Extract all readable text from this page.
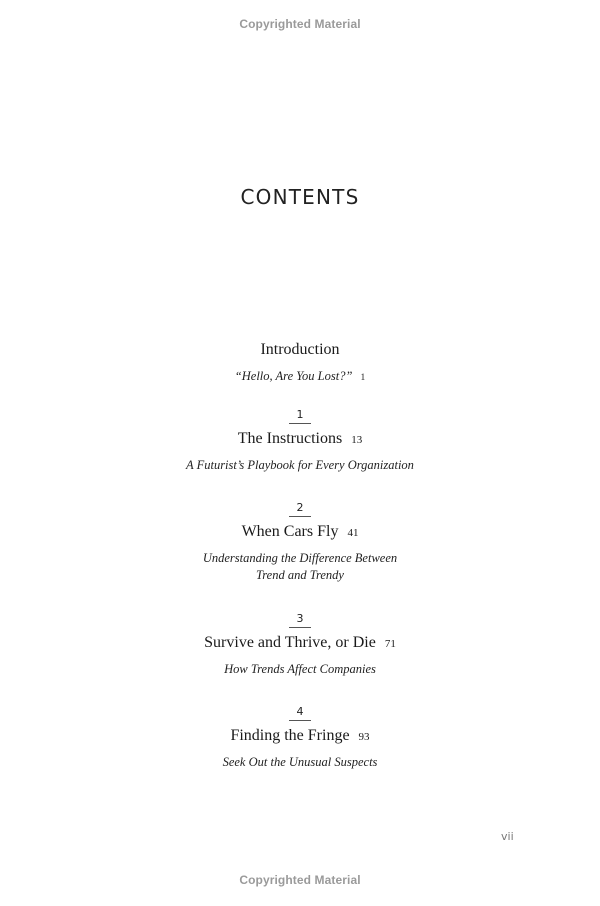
Copyrighted Material
CONTENTS
Introduction
“Hello, Are You Lost?” 1
1
The Instructions 13
A Futurist’s Playbook for Every Organization
2
When Cars Fly 41
Understanding the Difference Between
Trend and Trendy
3
Survive and Thrive, or Die 71
How Trends Affect Companies
4
Finding the Fringe 93
Seek Out the Unusual Suspects
vii
Copyrighted Material
